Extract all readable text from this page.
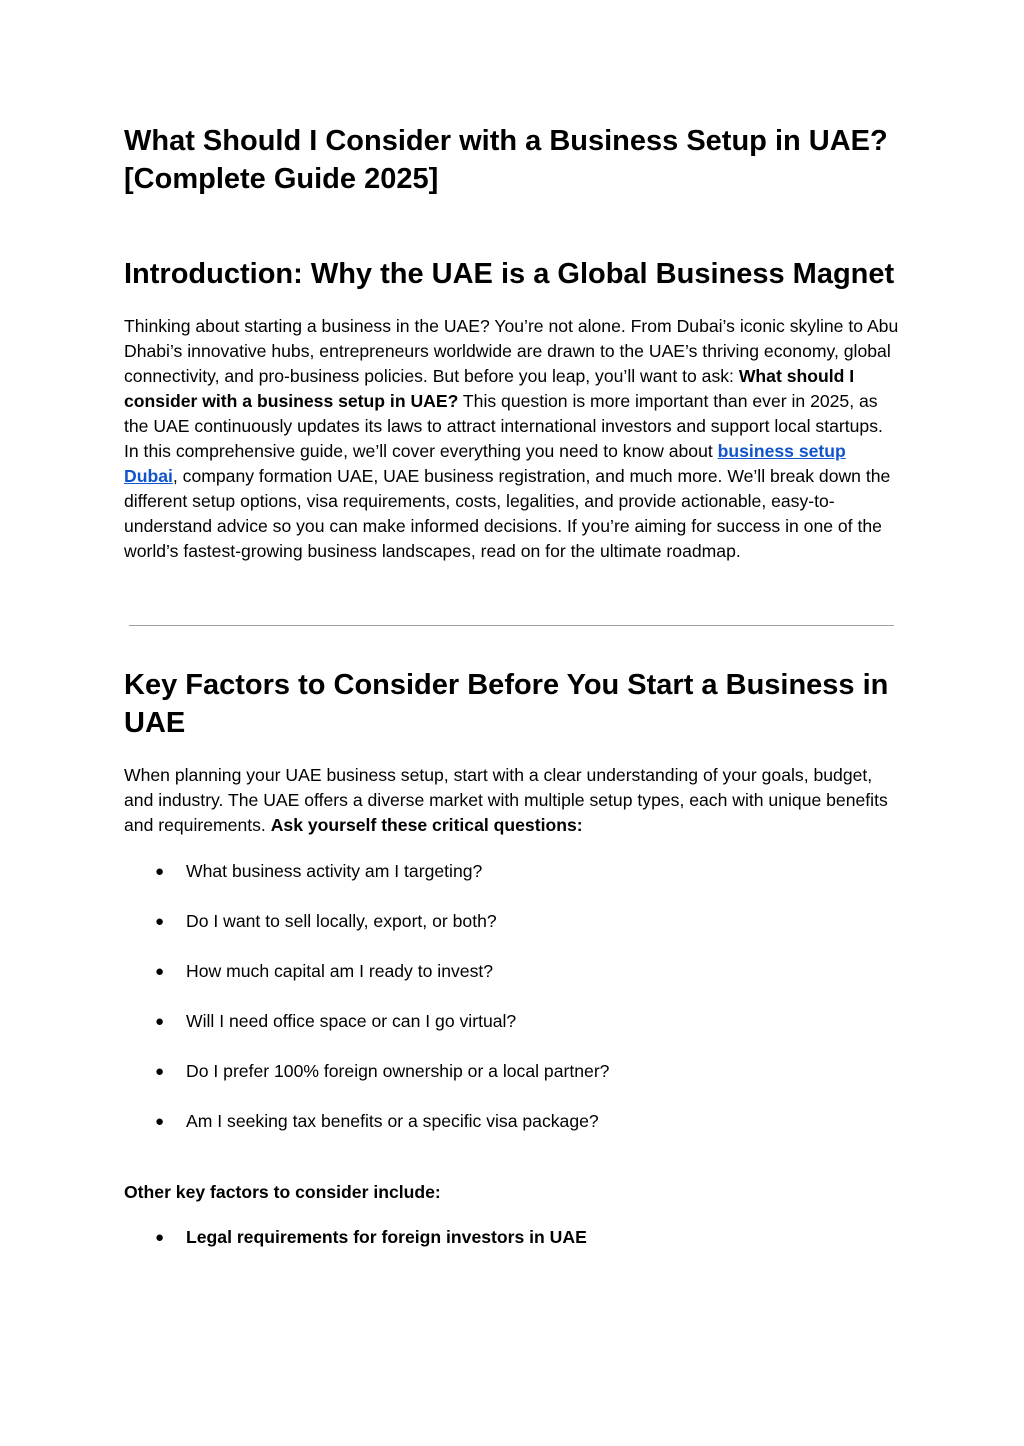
What Should I Consider with a Business Setup in UAE? [Complete Guide 2025]
Introduction: Why the UAE is a Global Business Magnet

Thinking about starting a business in the UAE? You’re not alone. From Dubai’s iconic skyline to Abu Dhabi’s innovative hubs, entrepreneurs worldwide are drawn to the UAE’s thriving economy, global connectivity, and pro-business policies. But before you leap, you’ll want to ask: What should I consider with a business setup in UAE? This question is more important than ever in 2025, as the UAE continuously updates its laws to attract international investors and support local startups. In this comprehensive guide, we’ll cover everything you need to know about business setup Dubai, company formation UAE, UAE business registration, and much more. We’ll break down the different setup options, visa requirements, costs, legalities, and provide actionable, easy-to-understand advice so you can make informed decisions. If you’re aiming for success in one of the world’s fastest-growing business landscapes, read on for the ultimate roadmap.

Key Factors to Consider Before You Start a Business in UAE

When planning your UAE business setup, start with a clear understanding of your goals, budget, and industry. The UAE offers a diverse market with multiple setup types, each with unique benefits and requirements. Ask yourself these critical questions:

● What business activity am I targeting?
● Do I want to sell locally, export, or both?
● How much capital am I ready to invest?
● Will I need office space or can I go virtual?
● Do I prefer 100% foreign ownership or a local partner?
● Am I seeking tax benefits or a specific visa package?

Other key factors to consider include:

● Legal requirements for foreign investors in UAE
